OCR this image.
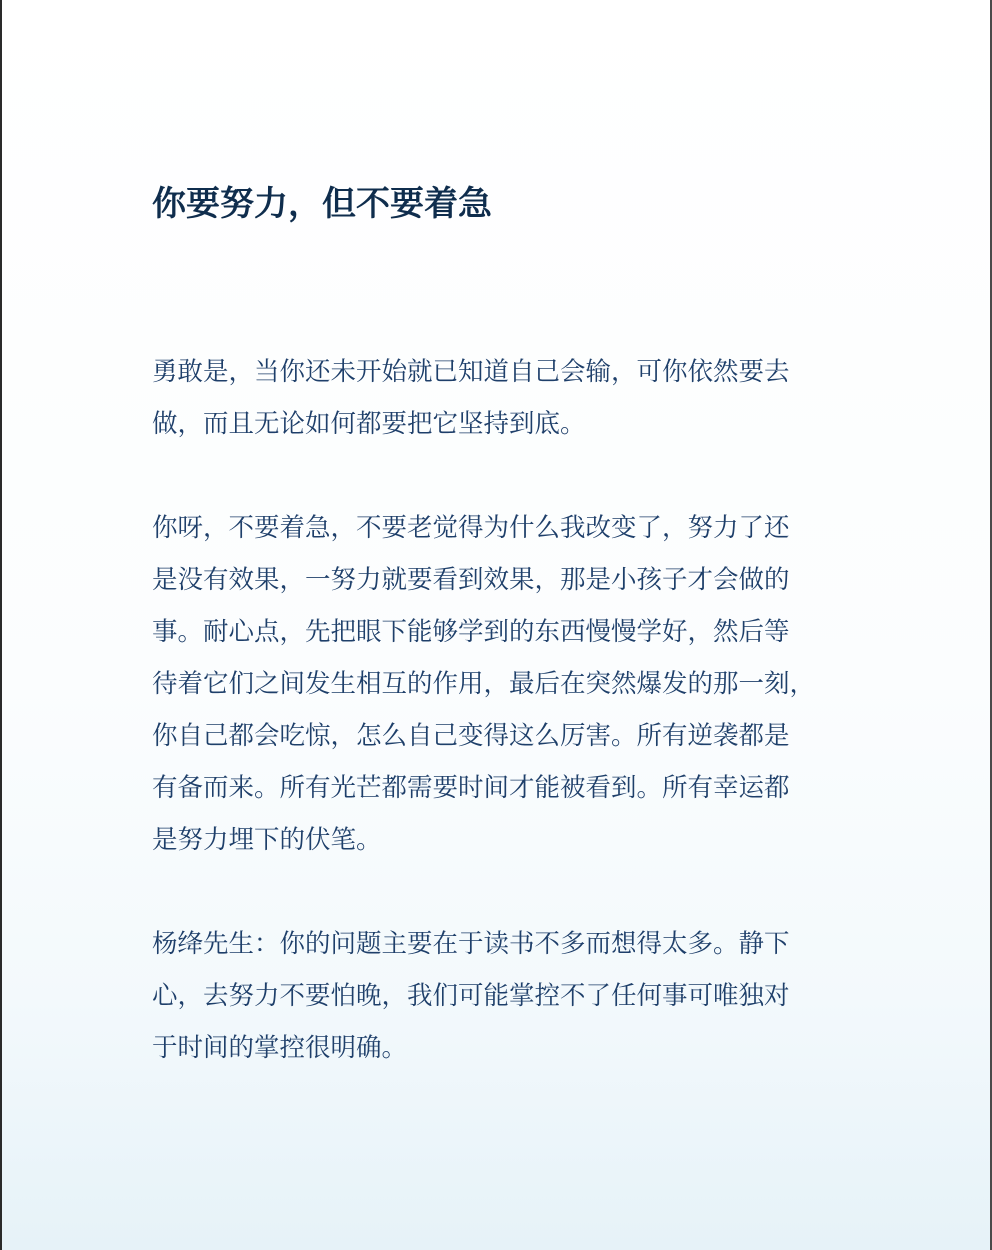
你要努力，但不要着急

勇敢是，当你还未开始就已知道自己会输，可你依然要去
做，而且无论如何都要把它坚持到底。

你呀，不要着急，不要老觉得为什么我改变了，努力了还
是没有效果，一努力就要看到效果，那是小孩子才会做的
事。耐心点，先把眼下能够学到的东西慢慢学好，然后等
待着它们之间发生相互的作用，最后在突然爆发的那一刻，
你自己都会吃惊，怎么自己变得这么厉害。所有逆袭都是
有备而来。所有光芒都需要时间才能被看到。所有幸运都
是努力埋下的伏笔。

杨绛先生：你的问题主要在于读书不多而想得太多。静下
心，去努力不要怕晚，我们可能掌控不了任何事可唯独对
于时间的掌控很明确。
